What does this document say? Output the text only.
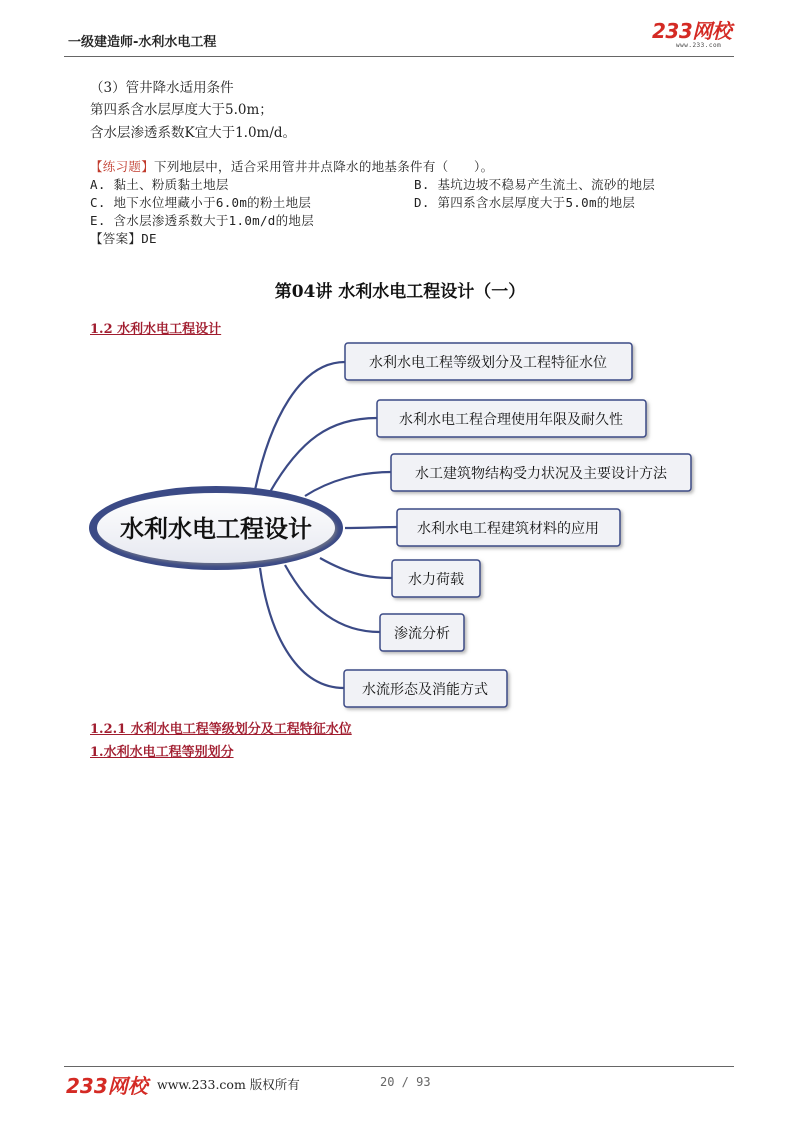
一级建造师-水利水电工程	233网校
www.233.com
（3）管井降水适用条件
第四系含水层厚度大于5.0m；
含水层渗透系数K宜大于1.0m/d。
【练习题】下列地层中，适合采用管井井点降水的地基条件有（　　）。
A. 黏土、粉质黏土地层	B. 基坑边坡不稳易产生流土、流砂的地层
C. 地下水位埋藏小于6.0m的粉土地层	D. 第四系含水层厚度大于5.0m的地层
E. 含水层渗透系数大于1.0m/d的地层
【答案】DE
第04讲 水利水电工程设计（一）
1.2 水利水电工程设计
水利水电工程设计
水利水电工程等级划分及工程特征水位
水利水电工程合理使用年限及耐久性
水工建筑物结构受力状况及主要设计方法
水利水电工程建筑材料的应用
水力荷载
渗流分析
水流形态及消能方式
1.2.1 水利水电工程等级划分及工程特征水位
1.水利水电工程等别划分
233网校 www.233.com 版权所有	20 / 93
